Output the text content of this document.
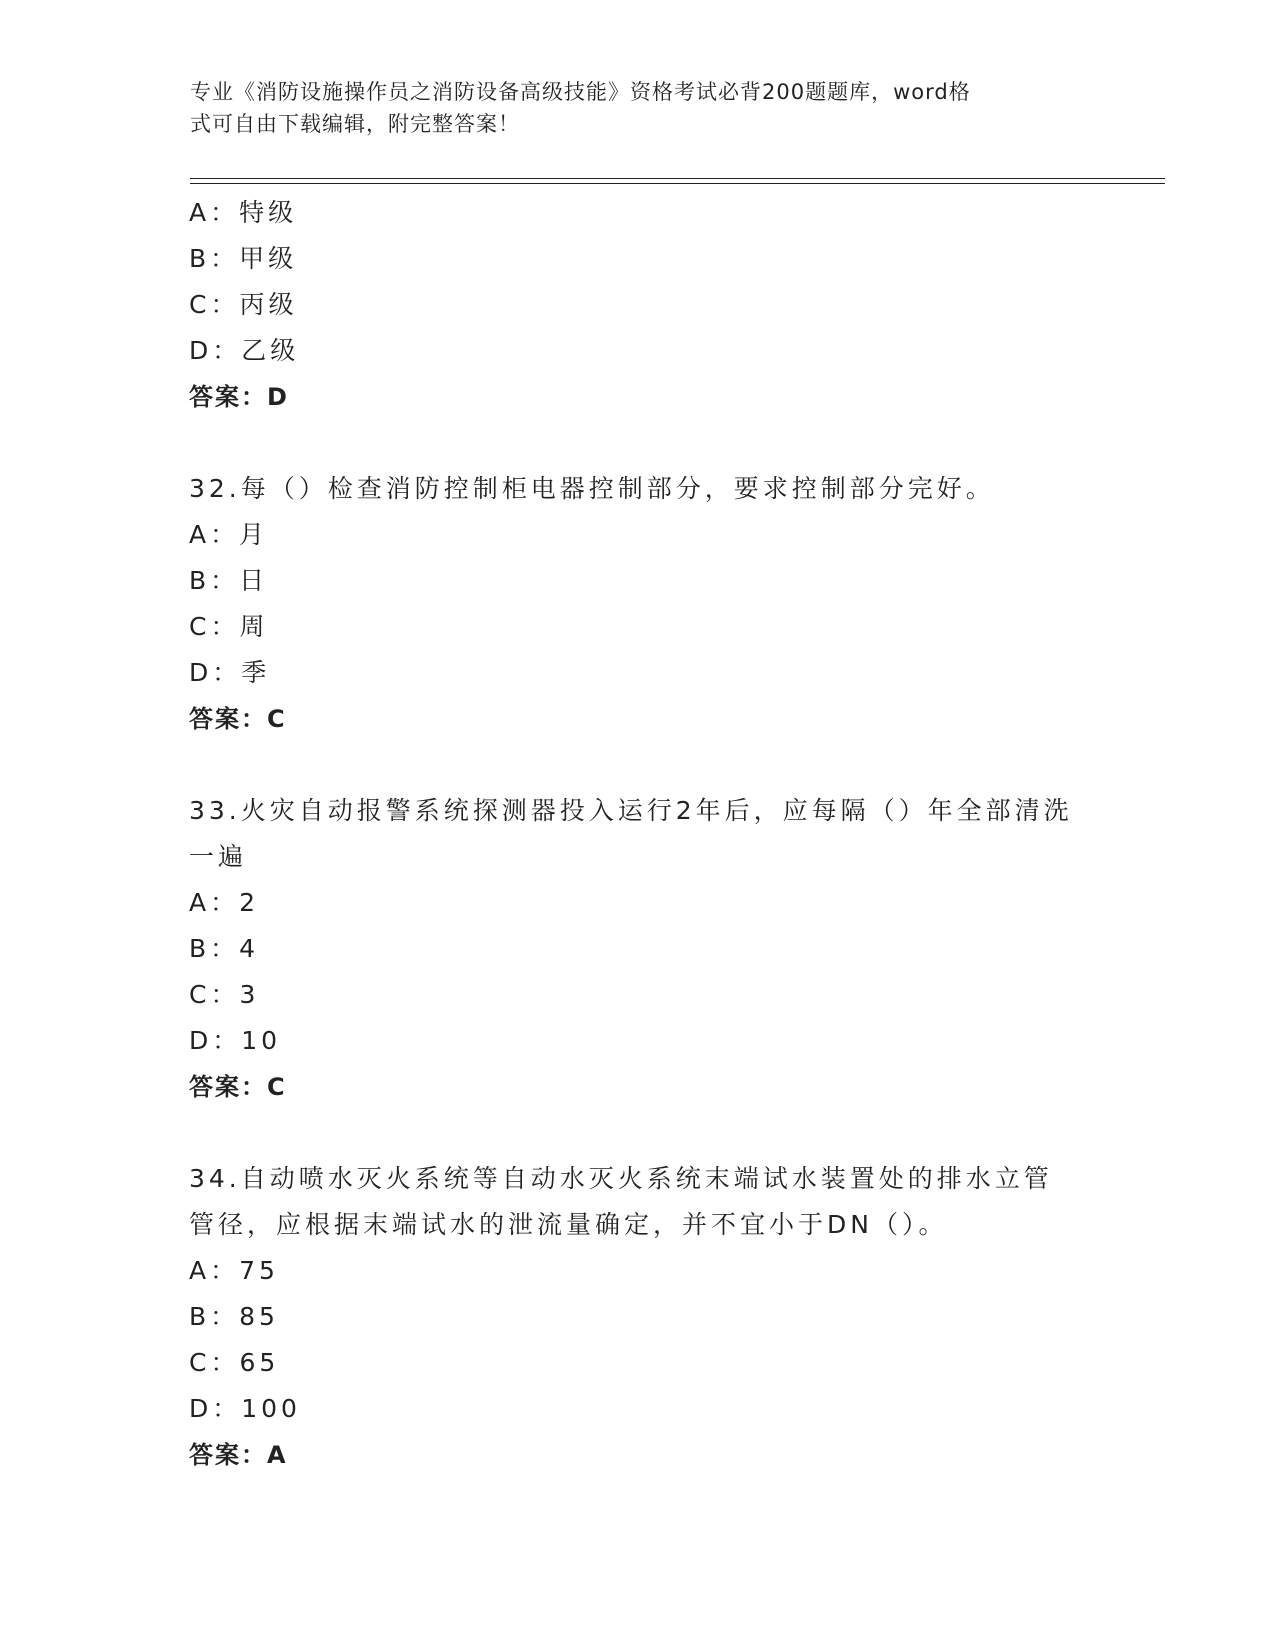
专业《消防设施操作员之消防设备高级技能》资格考试必背200题题库，word格
式可自由下载编辑，附完整答案！
A：特级
B：甲级
C：丙级
D：乙级
答案：D
32.每（）检查消防控制柜电器控制部分，要求控制部分完好。
A：月
B：日
C：周
D：季
答案：C
33.火灾自动报警系统探测器投入运行2年后，应每隔（）年全部清洗一遍
A：2
B：4
C：3
D：10
答案：C
34.自动喷水灭火系统等自动水灭火系统末端试水装置处的排水立管管径，应根据末端试水的泄流量确定，并不宜小于DN（）。
A：75
B：85
C：65
D：100
答案：A
